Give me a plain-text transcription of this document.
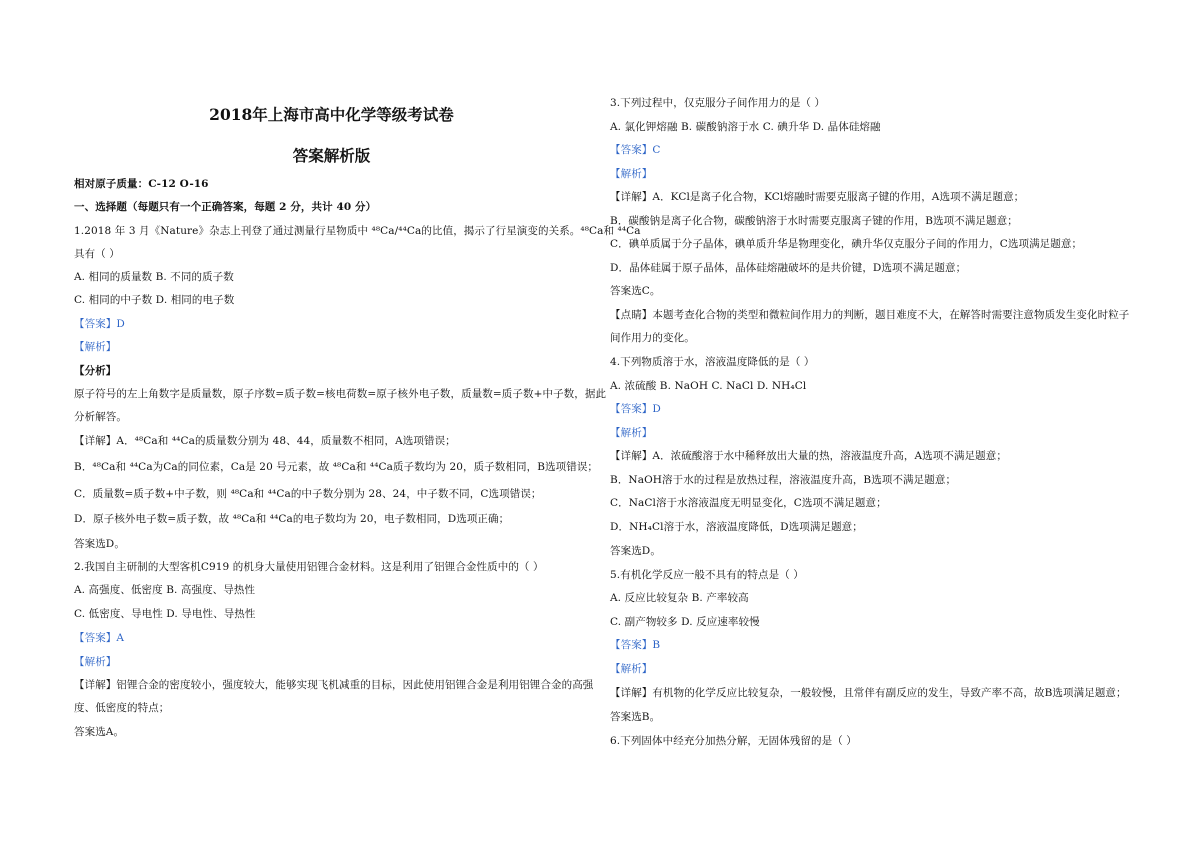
2018年上海市高中化学等级考试卷
答案解析版
相对原子质量：C-12 O-16
一、选择题（每题只有一个正确答案，每题 2 分，共计 40 分）
1.2018 年 3 月《Nature》杂志上刊登了通过测量行星物质中 ⁴⁸Ca/⁴⁴Ca的比值，揭示了行星演变的关系。⁴⁸Ca和 ⁴⁴Ca
具有（ ）
A. 相同的质量数 B. 不同的质子数
C. 相同的中子数 D. 相同的电子数
【答案】D
【解析】
【分析】
原子符号的左上角数字是质量数，原子序数=质子数=核电荷数=原子核外电子数，质量数=质子数+中子数，据此
分析解答。
【详解】A．⁴⁸Ca和 ⁴⁴Ca的质量数分别为 48、44，质量数不相同，A选项错误；
B．⁴⁸Ca和 ⁴⁴Ca为Ca的同位素，Ca是 20 号元素，故 ⁴⁸Ca和 ⁴⁴Ca质子数均为 20，质子数相同，B选项错误；
C．质量数=质子数+中子数，则 ⁴⁸Ca和 ⁴⁴Ca的中子数分别为 28、24，中子数不同，C选项错误；
D．原子核外电子数=质子数，故 ⁴⁸Ca和 ⁴⁴Ca的电子数均为 20，电子数相同，D选项正确；
答案选D。
2.我国自主研制的大型客机C919 的机身大量使用铝锂合金材料。这是利用了铝锂合金性质中的（ ）
A. 高强度、低密度 B. 高强度、导热性
C. 低密度、导电性 D. 导电性、导热性
【答案】A
【解析】
【详解】铝锂合金的密度较小，强度较大，能够实现飞机减重的目标，因此使用铝锂合金是利用铝锂合金的高强
度、低密度的特点；
答案选A。
3.下列过程中，仅克服分子间作用力的是（ ）
A. 氯化钾熔融 B. 碳酸钠溶于水 C. 碘升华 D. 晶体硅熔融
【答案】C
【解析】
【详解】A．KCl是离子化合物，KCl熔融时需要克服离子键的作用，A选项不满足题意；
B．碳酸钠是离子化合物，碳酸钠溶于水时需要克服离子键的作用，B选项不满足题意；
C．碘单质属于分子晶体，碘单质升华是物理变化，碘升华仅克服分子间的作用力，C选项满足题意；
D．晶体硅属于原子晶体，晶体硅熔融破坏的是共价键，D选项不满足题意；
答案选C。
【点睛】本题考查化合物的类型和微粒间作用力的判断，题目难度不大，在解答时需要注意物质发生变化时粒子
间作用力的变化。
4.下列物质溶于水，溶液温度降低的是（ ）
A. 浓硫酸 B. NaOH C. NaCl D. NH₄Cl
【答案】D
【解析】
【详解】A．浓硫酸溶于水中稀释放出大量的热，溶液温度升高，A选项不满足题意；
B．NaOH溶于水的过程是放热过程，溶液温度升高，B选项不满足题意；
C．NaCl溶于水溶液温度无明显变化，C选项不满足题意；
D．NH₄Cl溶于水，溶液温度降低，D选项满足题意；
答案选D。
5.有机化学反应一般不具有的特点是（ ）
A. 反应比较复杂 B. 产率较高
C. 副产物较多 D. 反应速率较慢
【答案】B
【解析】
【详解】有机物的化学反应比较复杂，一般较慢，且常伴有副反应的发生，导致产率不高，故B选项满足题意；
答案选B。
6.下列固体中经充分加热分解，无固体残留的是（ ）
